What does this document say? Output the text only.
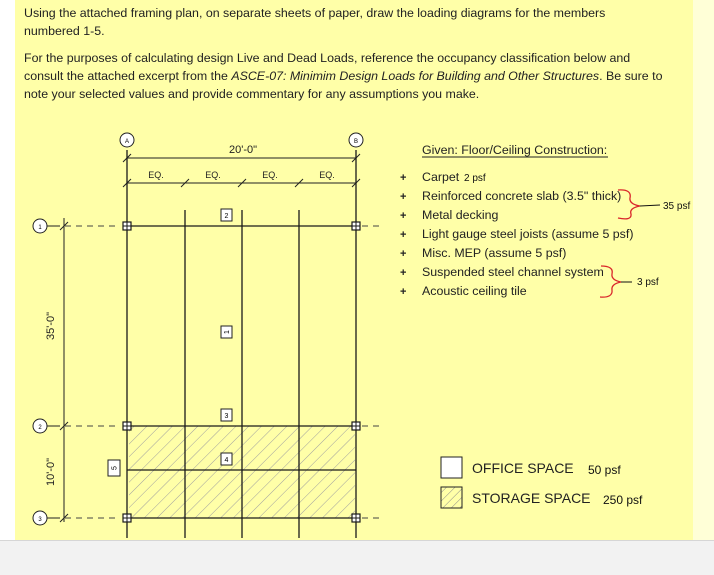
Using the attached framing plan, on separate sheets of paper, draw the loading diagrams for the members numbered 1-5.

For the purposes of calculating design Live and Dead Loads, reference the occupancy classification below and consult the attached excerpt from the ASCE-07: Minimim Design Loads for Building and Other Structures. Be sure to note your selected values and provide commentary for any assumptions you make.

A	B
20'-0"
EQ.	EQ.	EQ.	EQ.
1
2
3
35'-0"
10'-0"
2
1
3
4
5
Given: Floor/Ceiling Construction:
+ Carpet
+ Reinforced concrete slab (3.5" thick)
+ Metal decking
+ Light gauge steel joists (assume 5 psf)
+ Misc. MEP (assume 5 psf)
+ Suspended steel channel system
+ Acoustic ceiling tile
2 psf
35 psf
3 psf
OFFICE SPACE 50 psf
STORAGE SPACE 250 psf
